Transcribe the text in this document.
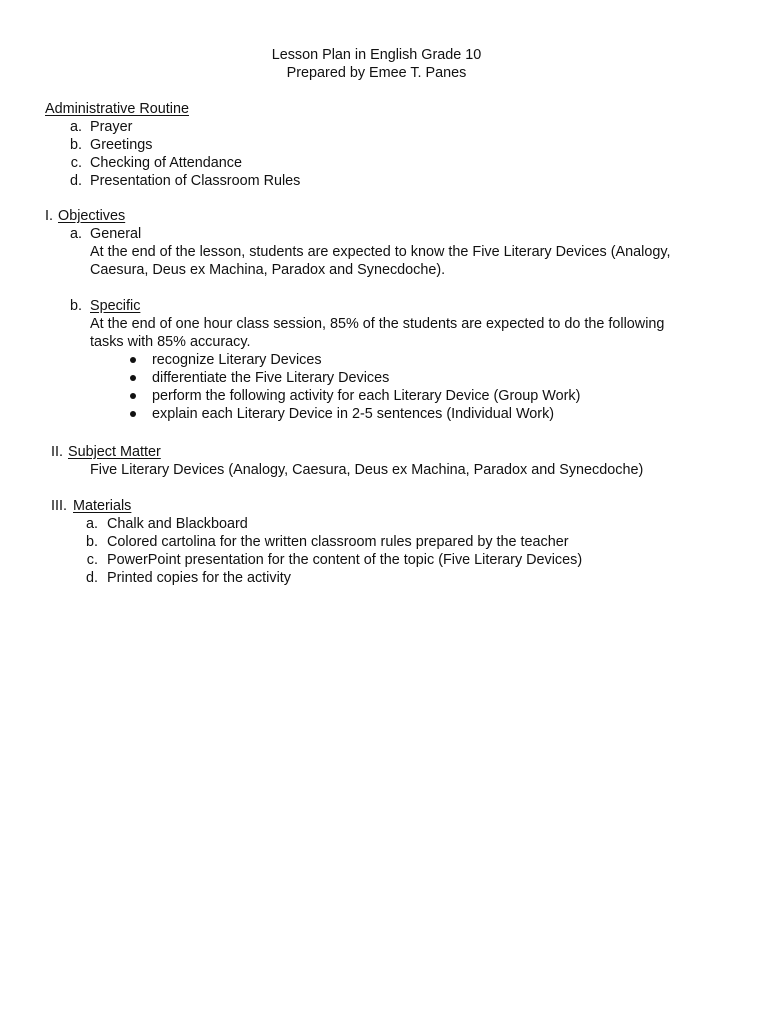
Lesson Plan in English Grade 10
Prepared by Emee T. Panes
Administrative Routine
a. Prayer
b. Greetings
c. Checking of Attendance
d. Presentation of Classroom Rules
I. Objectives
a. General
At the end of the lesson, students are expected to know the Five Literary Devices (Analogy,
Caesura, Deus ex Machina, Paradox and Synecdoche).
b. Specific
At the end of one hour class session, 85% of the students are expected to do the following
tasks with 85% accuracy.
recognize Literary Devices
differentiate the Five Literary Devices
perform the following activity for each Literary Device (Group Work)
explain each Literary Device in 2-5 sentences (Individual Work)
II. Subject Matter
Five Literary Devices (Analogy, Caesura, Deus ex Machina, Paradox and Synecdoche)
III. Materials
a. Chalk and Blackboard
b. Colored cartolina for the written classroom rules prepared by the teacher
c. PowerPoint presentation for the content of the topic (Five Literary Devices)
d. Printed copies for the activity
